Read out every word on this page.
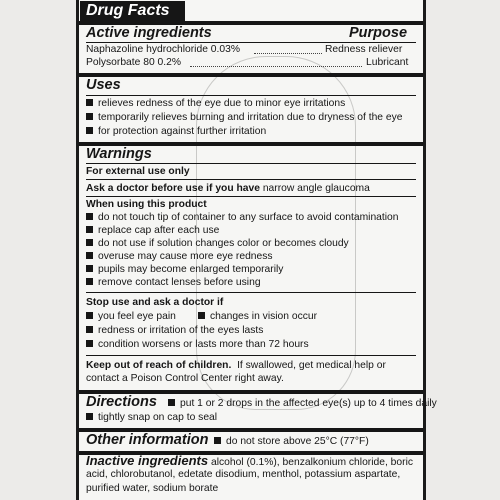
Drug Facts
Active ingredients	Purpose
Naphazoline hydrochloride 0.03%	Redness reliever
Polysorbate 80 0.2%	Lubricant
Uses
relieves redness of the eye due to minor eye irritations
temporarily relieves burning and irritation due to dryness of the eye
for protection against further irritation
Warnings
For external use only
Ask a doctor before use if you have narrow angle glaucoma
When using this product
do not touch tip of container to any surface to avoid contamination
replace cap after each use
do not use if solution changes color or becomes cloudy
overuse may cause more eye redness
pupils may become enlarged temporarily
remove contact lenses before using
Stop use and ask a doctor if
you feel eye pain	changes in vision occur
redness or irritation of the eyes lasts
condition worsens or lasts more than 72 hours
Keep out of reach of children. If swallowed, get medical help or
contact a Poison Control Center right away.
Directions	put 1 or 2 drops in the affected eye(s) up to 4 times daily
tightly snap on cap to seal
Other information	do not store above 25°C (77°F)
Inactive ingredients alcohol (0.1%), benzalkonium chloride, boric
acid, chlorobutanol, edetate disodium, menthol, potassium aspartate,
purified water, sodium borate
